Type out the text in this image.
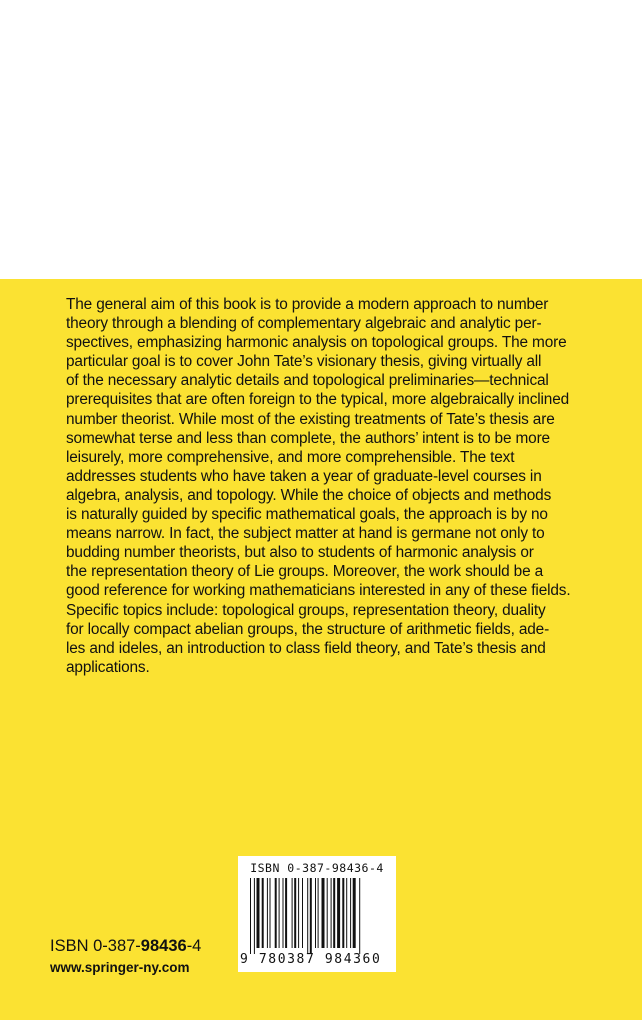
The general aim of this book is to provide a modern approach to number
theory through a blending of complementary algebraic and analytic per-
spectives, emphasizing harmonic analysis on topological groups. The more
particular goal is to cover John Tate’s visionary thesis, giving virtually all
of the necessary analytic details and topological preliminaries—technical
prerequisites that are often foreign to the typical, more algebraically inclined
number theorist. While most of the existing treatments of Tate’s thesis are
somewhat terse and less than complete, the authors’ intent is to be more
leisurely, more comprehensive, and more comprehensible. The text
addresses students who have taken a year of graduate-level courses in
algebra, analysis, and topology. While the choice of objects and methods
is naturally guided by specific mathematical goals, the approach is by no
means narrow. In fact, the subject matter at hand is germane not only to
budding number theorists, but also to students of harmonic analysis or
the representation theory of Lie groups. Moreover, the work should be a
good reference for working mathematicians interested in any of these fields.
Specific topics include: topological groups, representation theory, duality
for locally compact abelian groups, the structure of arithmetic fields, ade-
les and ideles, an introduction to class field theory, and Tate’s thesis and
applications.
ISBN 0-387-98436-4
www.springer-ny.com
ISBN 0-387-98436-4
9 780387 984360
